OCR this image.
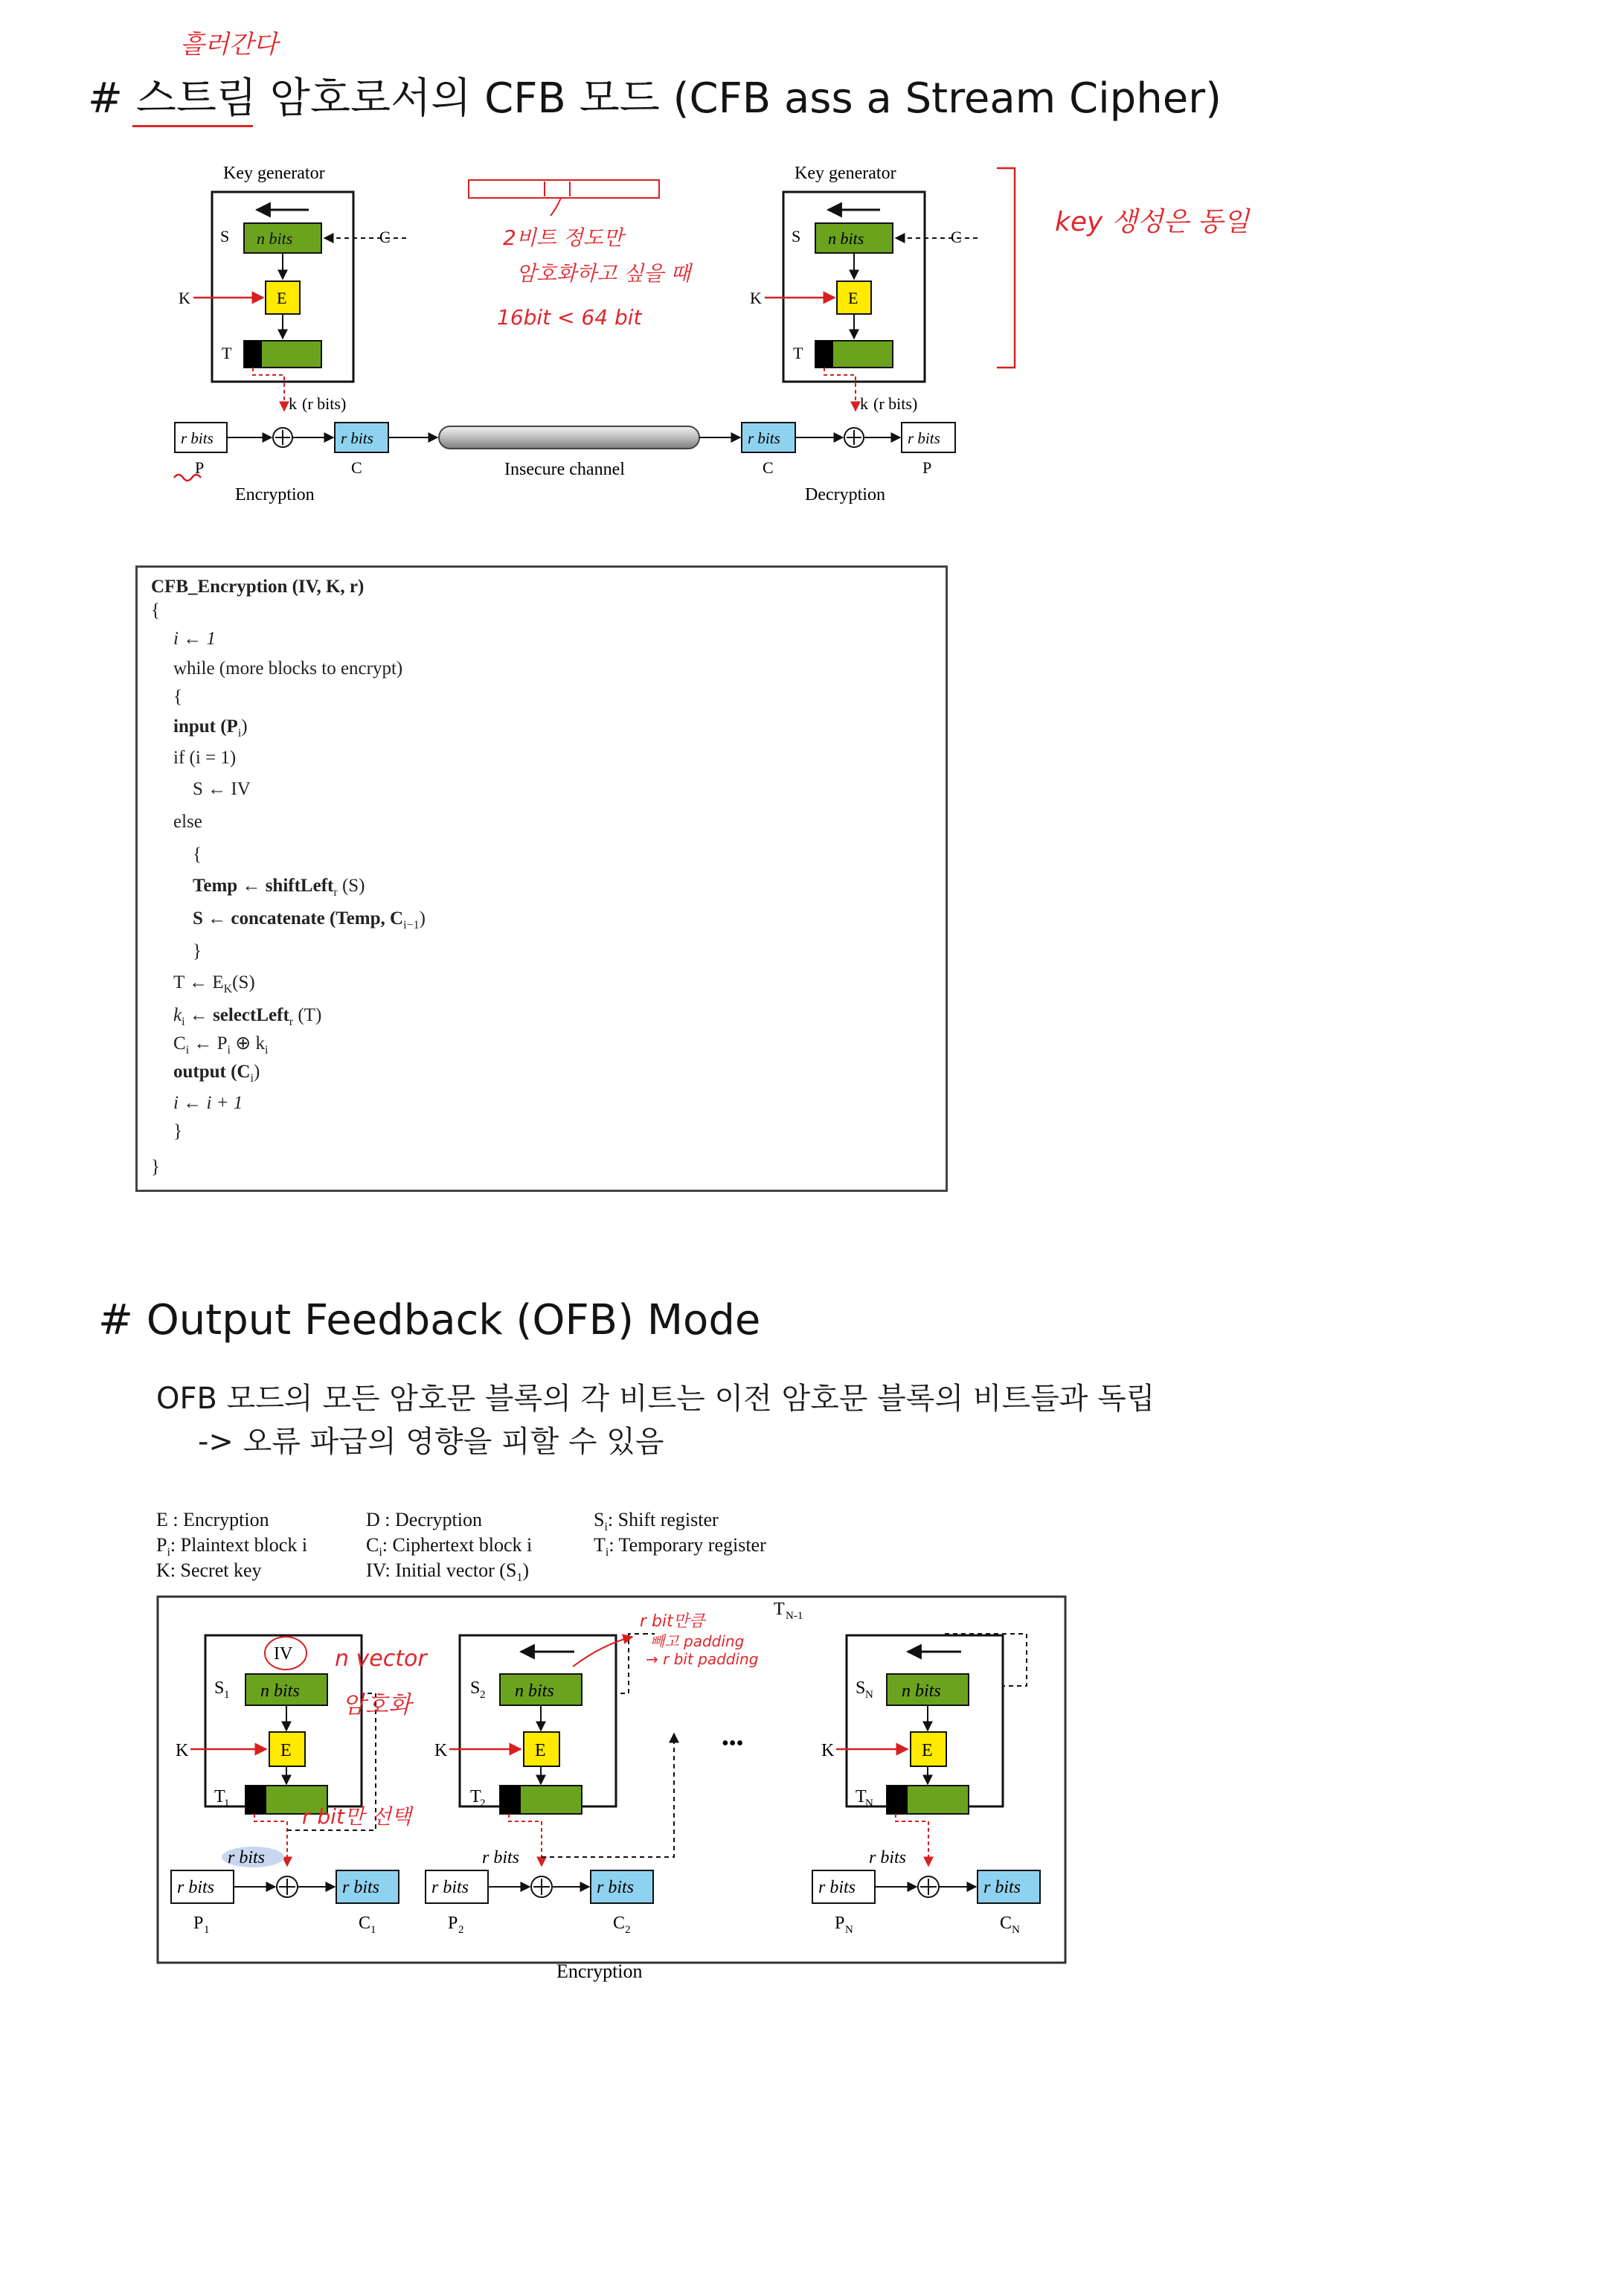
흘러간다
# 스트림 암호로서의 CFB 모드 (CFB ass a Stream Cipher)
Key generator
S n bits	C
E
K
T
k (r bits)
r bits	r bits
P	C
Encryption
Insecure channel
Key generator
S n bits	C
E
K
T
k (r bits)
r bits	r bits
C	P
Decryption
2비트 정도만
암호화하고 싶을 때
16bit < 64 bit
key 생성은 동일
CFB_Encryption (IV, K, r)
{
i ← 1
while (more blocks to encrypt)
{
input $(P_i)$
if (i = 1)
S ← IV
else
{
Temp ← shiftLeft$_r$ (S)
S ← concatenate (Temp, $C_{i-1}$)
}
T ← $E_K(S)$
$k_i$ ← selectLeft$_r$ (T)
$C_i$ ← $P_i$ ⊕ $k_i$
output $(C_i)$
i ← i + 1
}
}
# Output Feedback (OFB) Mode
OFB 모드의 모든 암호문 블록의 각 비트는 이전 암호문 블록의 비트들과 독립
-> 오류 파급의 영향을 피할 수 있음
E : Encryption
$P_i$: Plaintext block i
K: Secret key
D : Decryption
$C_i$: Ciphertext block i
IV: Initial vector $(S_1)$
$S_i$: Shift register
$T_i$: Temporary register
T N-1
IV
S 1 n bits
E
K
T
1
r bits
r bits	r bits
P 1	C 1
S 2 n bits
E
K
T
2
r bits
r bits	r bits
P 2	C 2
•••
S N n bits
E
K
T
N
r bits
r bits	r bits
P N	C N
Encryption
n vector
암호화
r bit만 선택
r bit만큼
빼고 padding
→ r bit padding
